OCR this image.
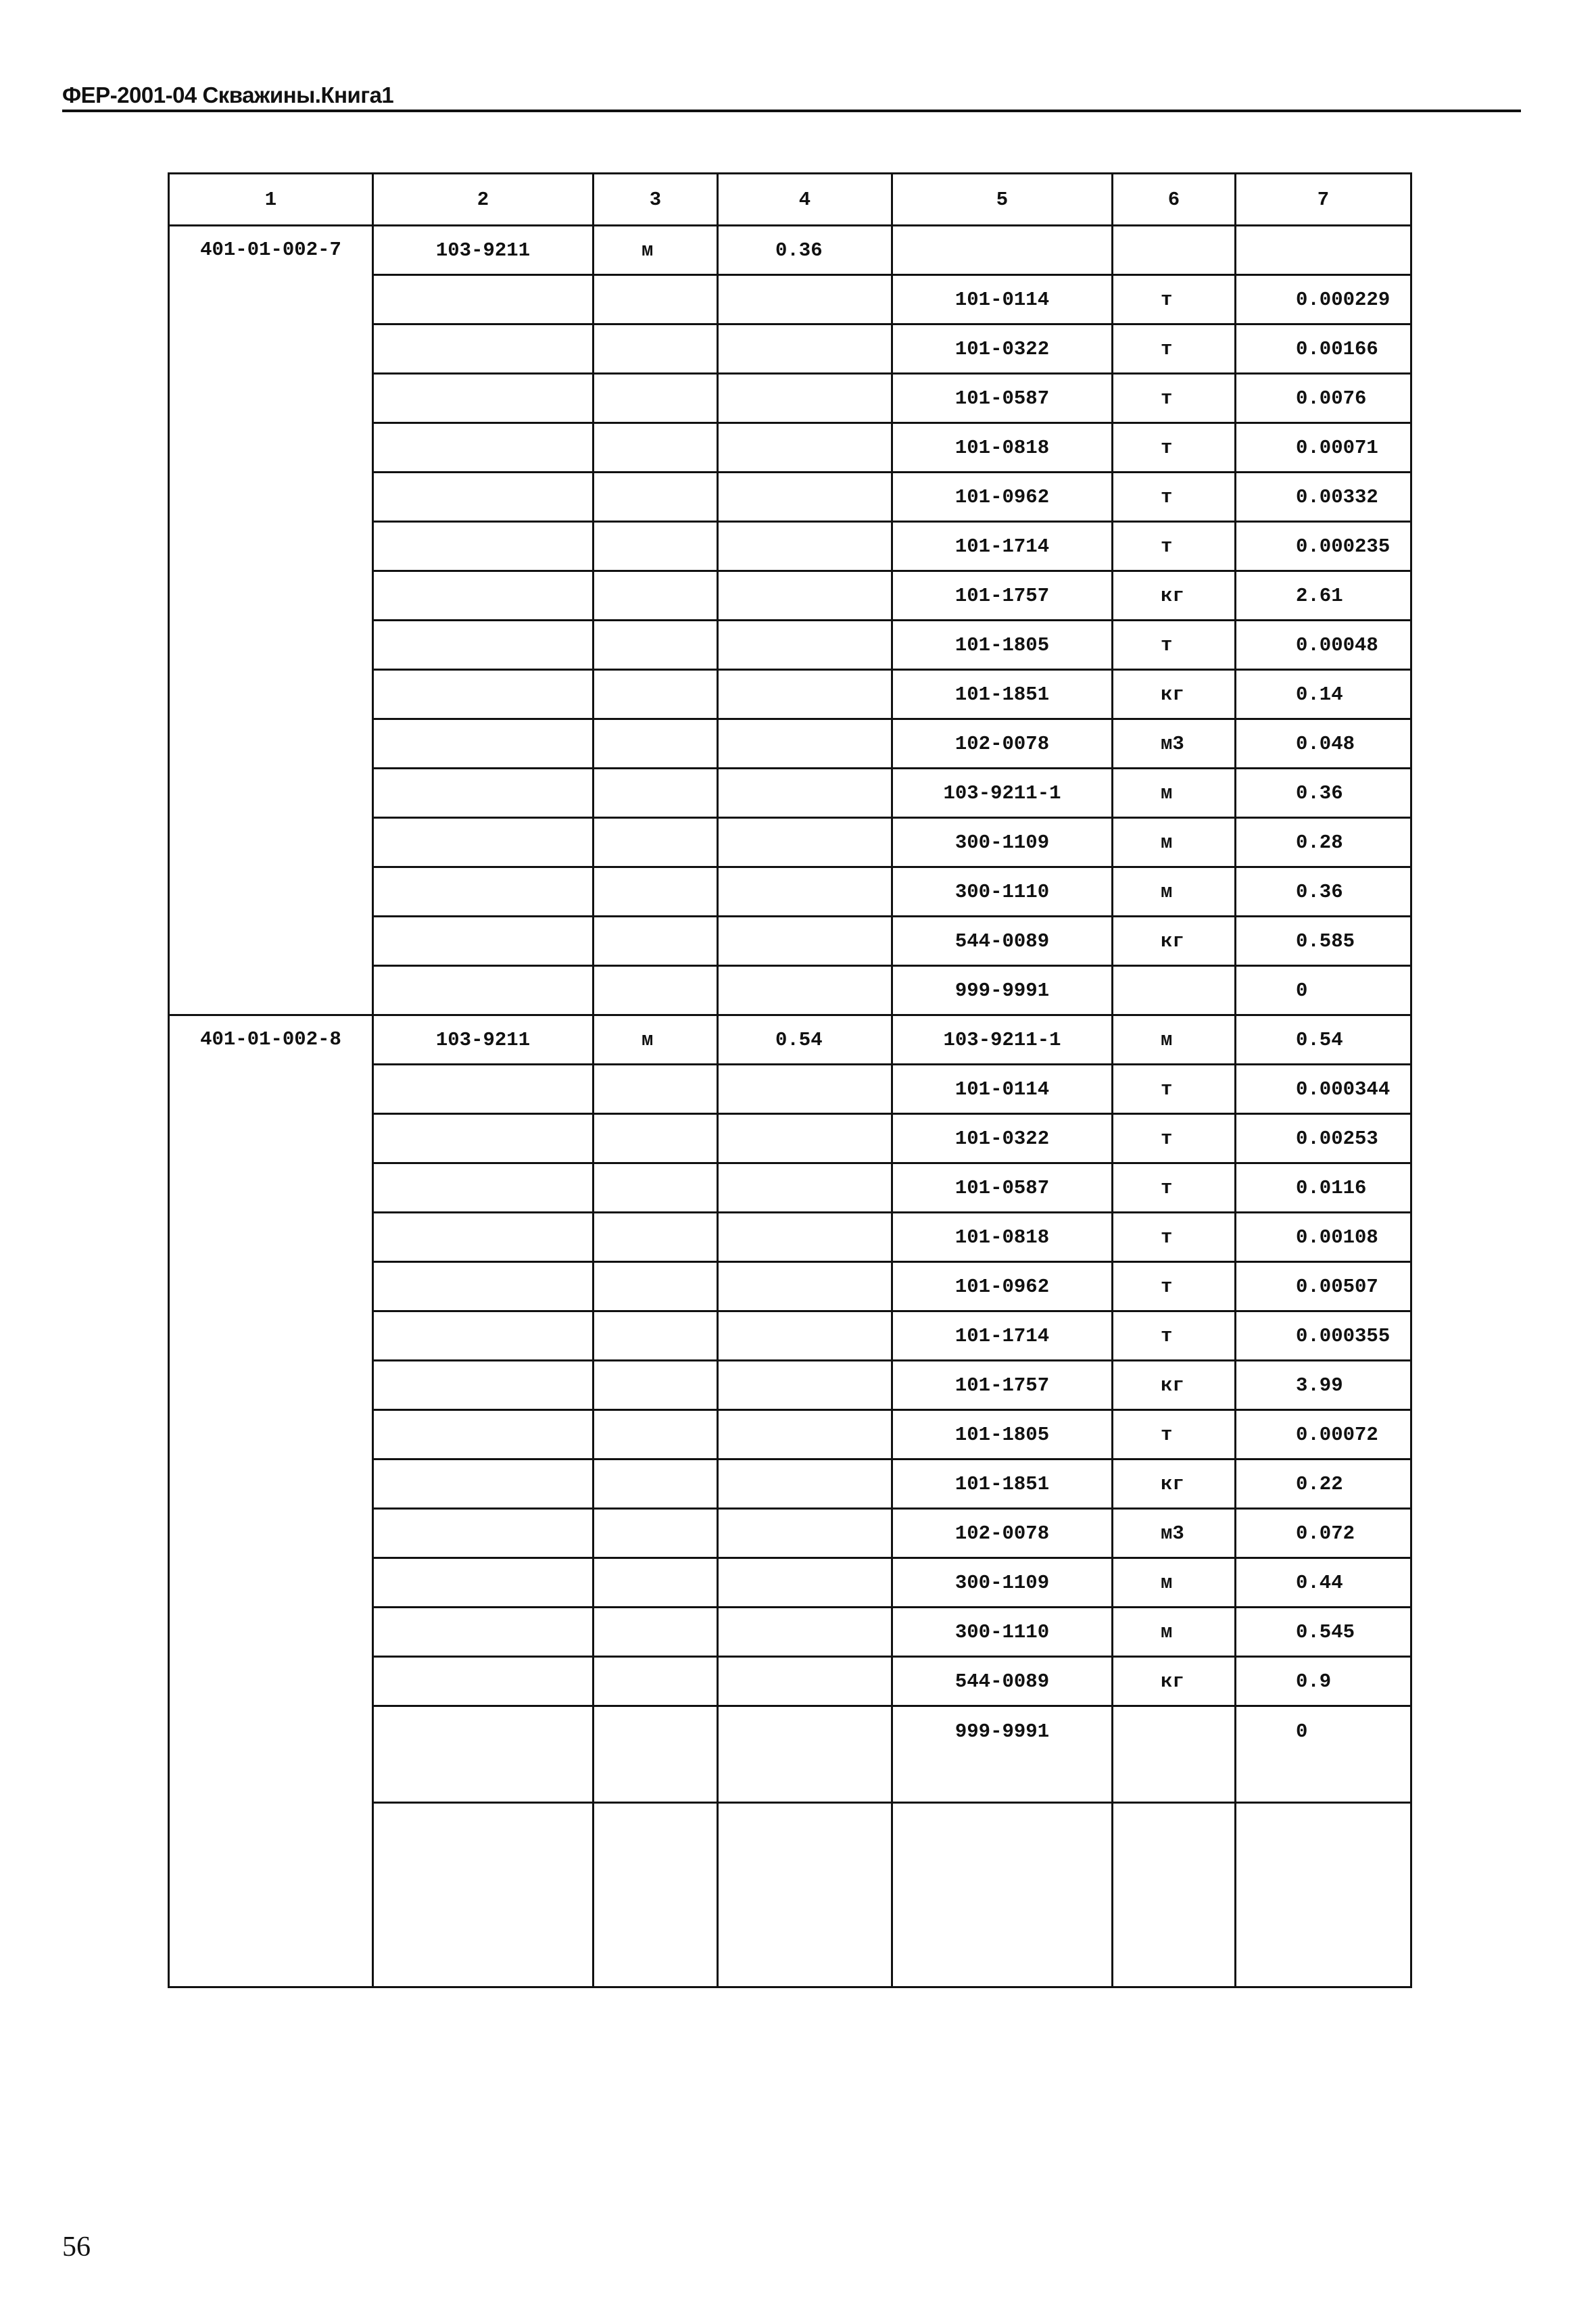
ФЕР-2001-04 Скважины.Книга1
1	2	3	4	5	6	7
401-01-002-7	103-9211	м	0.36			
				101-0114	т	0.000229
				101-0322	т	0.00166
				101-0587	т	0.0076
				101-0818	т	0.00071
				101-0962	т	0.00332
				101-1714	т	0.000235
				101-1757	кг	2.61
				101-1805	т	0.00048
				101-1851	кг	0.14
				102-0078	м3	0.048
				103-9211-1	м	0.36
				300-1109	м	0.28
				300-1110	м	0.36
				544-0089	кг	0.585
				999-9991		0
401-01-002-8	103-9211	м	0.54	103-9211-1	м	0.54
				101-0114	т	0.000344
				101-0322	т	0.00253
				101-0587	т	0.0116
				101-0818	т	0.00108
				101-0962	т	0.00507
				101-1714	т	0.000355
				101-1757	кг	3.99
				101-1805	т	0.00072
				101-1851	кг	0.22
				102-0078	м3	0.072
				300-1109	м	0.44
				300-1110	м	0.545
				544-0089	кг	0.9
				999-9991		0

56
